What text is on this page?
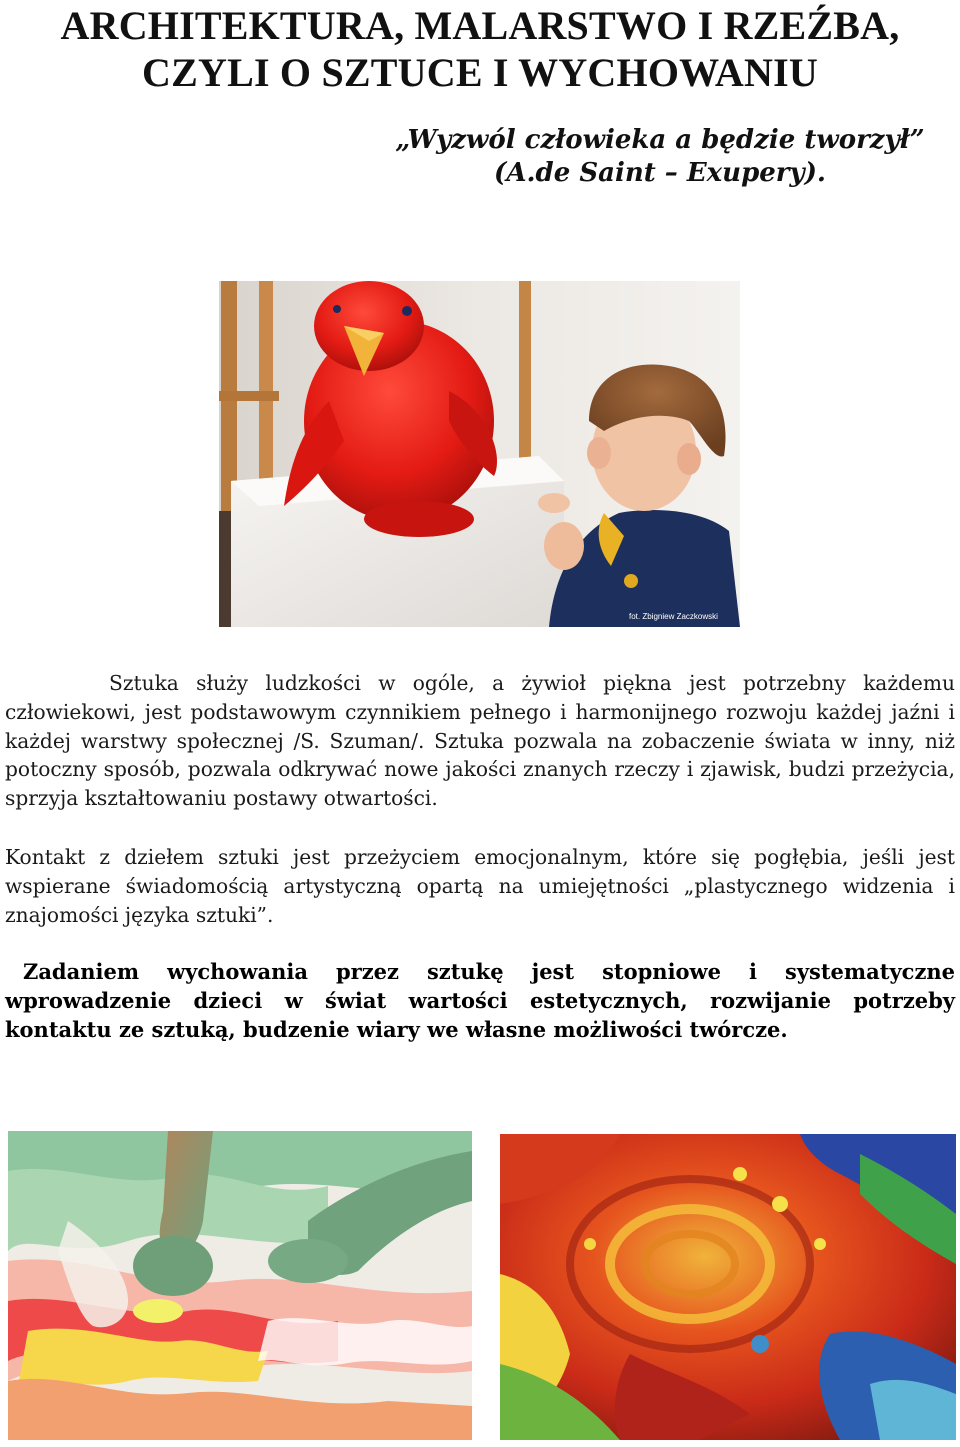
ARCHITEKTURA, MALARSTWO I RZEŹBA,
CZYLI O SZTUCE I WYCHOWANIU
„Wyzwól człowieka a będzie tworzył”
(A.de Saint – Exupery).
fot. Zbigniew Zaczkowski

Sztuka służy ludzkości w ogóle, a żywioł piękna jest potrzebny każdemu człowiekowi, jest podstawowym czynnikiem pełnego i harmonijnego rozwoju każdej jaźni i każdej warstwy społecznej /S. Szuman/. Sztuka pozwala na zobaczenie świata w inny, niż potoczny sposób, pozwala odkrywać nowe jakości znanych rzeczy i zjawisk, budzi przeżycia, sprzyja kształtowaniu postawy otwartości.

Kontakt z dziełem sztuki jest przeżyciem emocjonalnym, które się pogłębia, jeśli jest wspierane świadomością artystyczną opartą na umiejętności „plastycznego widzenia i znajomości języka sztuki”.

Zadaniem wychowania przez sztukę jest stopniowe i systematyczne wprowadzenie dzieci w świat wartości estetycznych, rozwijanie potrzeby kontaktu ze sztuką, budzenie wiary we własne możliwości twórcze.
